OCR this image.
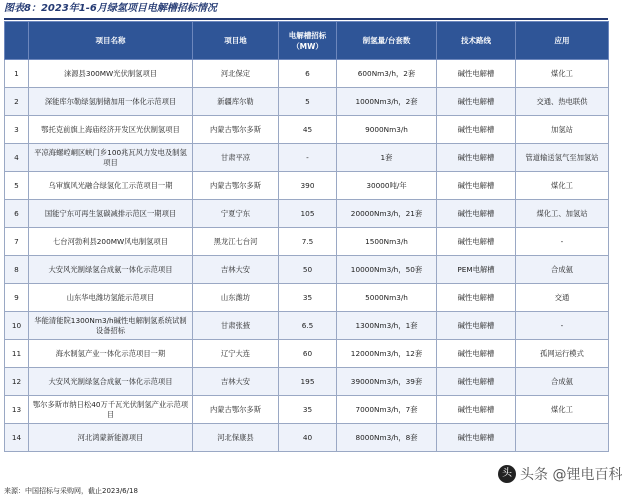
图表8：2023年1-6月绿氢项目电解槽招标情况
	项目名称	项目地	电解槽招标（MW）	制氢量/台套数	技术路线	应用
1	涞源县300MW光伏制氢项目	河北保定	6	600Nm3/h，2套	碱性电解槽	煤化工
2	深能库尔勒绿氢制储加用一体化示范项目	新疆库尔勒	5	1000Nm3/h，2套	碱性电解槽	交通、热电联供
3	鄂托克前旗上海庙经济开发区光伏制氢项目	内蒙古鄂尔多斯	45	9000Nm3/h	碱性电解槽	加氢站
4	平凉海螺崆峒区峡门乡100兆瓦风力发电及制氢项目	甘肃平凉	-	1套	碱性电解槽	管道输送氢气至加氢站
5	乌审旗风光融合绿氢化工示范项目一期	内蒙古鄂尔多斯	390	30000吨/年	碱性电解槽	煤化工
6	国能宁东可再生氢碳减排示范区一期项目	宁夏宁东	105	20000Nm3/h，21套	碱性电解槽	煤化工、加氢站
7	七台河勃利县200MW风电制氢项目	黑龙江七台河	7.5	1500Nm3/h	碱性电解槽	-
8	大安风光制绿氢合成氨一体化示范项目	吉林大安	50	10000Nm3/h，50套	PEM电解槽	合成氨
9	山东华电潍坊氢能示范项目	山东潍坊	35	5000Nm3/h	碱性电解槽	交通
10	华能清能院1300Nm3/h碱性电解制氢系统试制设备招标	甘肃张掖	6.5	1300Nm3/h，1套	碱性电解槽	-
11	海水制氢产业一体化示范项目一期	辽宁大连	60	12000Nm3/h，12套	碱性电解槽	孤网运行模式
12	大安风光制绿氢合成氨一体化示范项目	吉林大安	195	39000Nm3/h，39套	碱性电解槽	合成氨
13	鄂尔多斯市纳日松40万千瓦光伏制氢产业示范项目	内蒙古鄂尔多斯	35	7000Nm3/h，7套	碱性电解槽	煤化工
14	河北鸿蒙新能源项目	河北保康县	40	8000Nm3/h，8套	碱性电解槽	
来源：中国招标与采购网，截止2023/6/18
头 头条 @锂电百科
